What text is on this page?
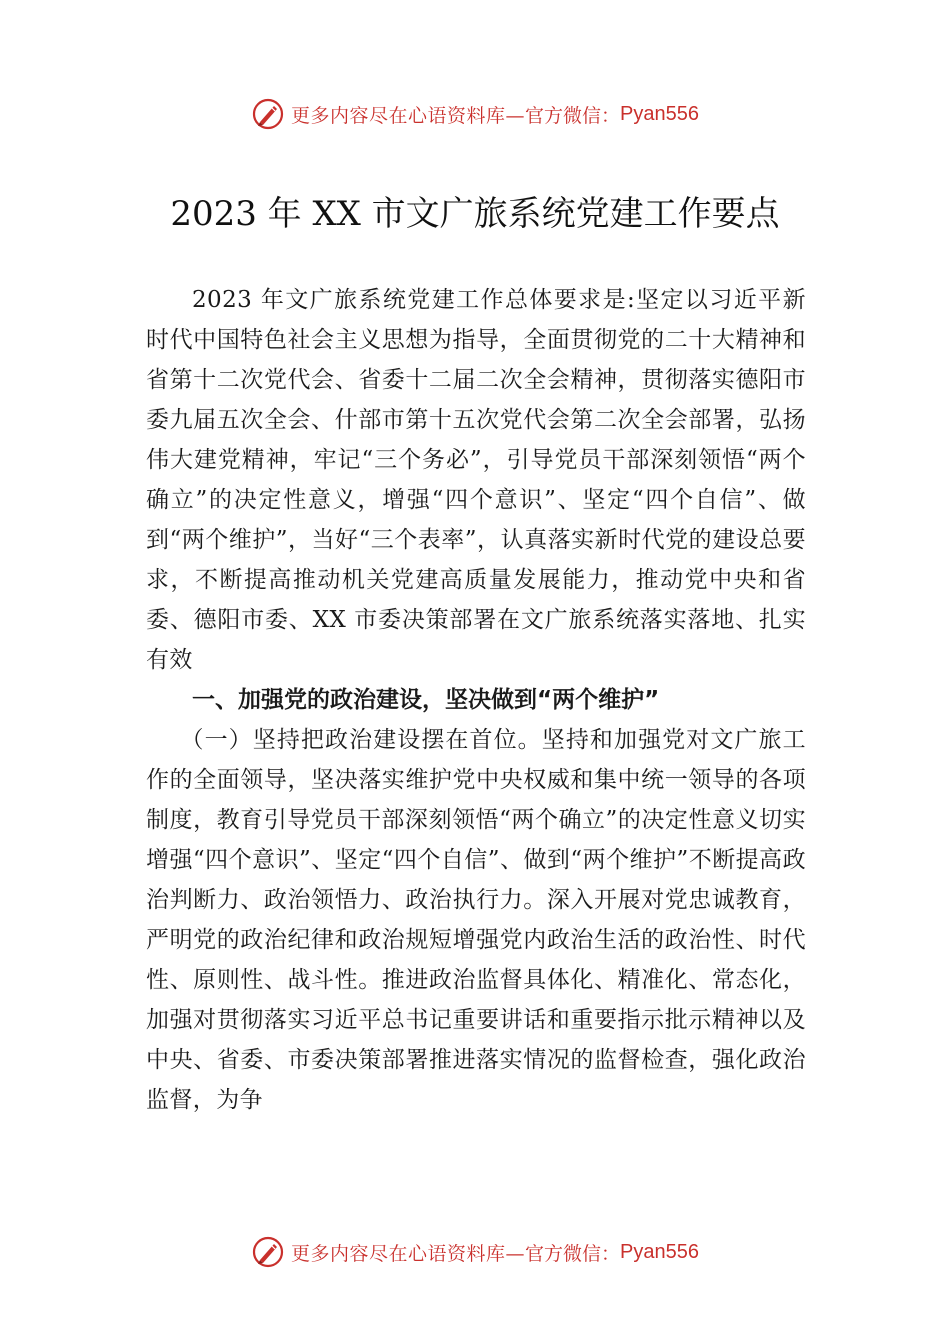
更多内容尽在心语资料库— 官方微信： Pyan556
2023 年 XX 市文广旅系统党建工作要点

2023 年文广旅系统党建工作总体要求是:坚定以习近平新时代中国特色社会主义思想为指导，全面贯彻党的二十大精神和省第十二次党代会、省委十二届二次全会精神，贯彻落实德阳市委九届五次全会、什部市第十五次党代会第二次全会部署，弘扬伟大建党精神，牢记“三个务必”，引导党员干部深刻领悟“两个确立”的决定性意义，增强“四个意识”、坚定“四个自信”、做到“两个维护”，当好“三个表率”，认真落实新时代党的建设总要求，不断提高推动机关党建高质量发展能力，推动党中央和省委、德阳市委、XX 市委决策部署在文广旅系统落实落地、扎实有效

一、加强党的政治建设，坚决做到“两个维护”

（一）坚持把政治建设摆在首位。坚持和加强党对文广旅工作的全面领导，坚决落实维护党中央权威和集中统一领导的各项制度，教育引导党员干部深刻领悟“两个确立”的决定性意义切实增强“四个意识”、坚定“四个自信”、做到“两个维护”不断提高政治判断力、政治领悟力、政治执行力。深入开展对党忠诚教育，严明党的政治纪律和政治规短增强党内政治生活的政治性、时代性、原则性、战斗性。推进政治监督具体化、精准化、常态化，加强对贯彻落实习近平总书记重要讲话和重要指示批示精神以及中央、省委、市委决策部署推进落实情况的监督检查，强化政治监督，为争

更多内容尽在心语资料库— 官方微信： Pyan556
